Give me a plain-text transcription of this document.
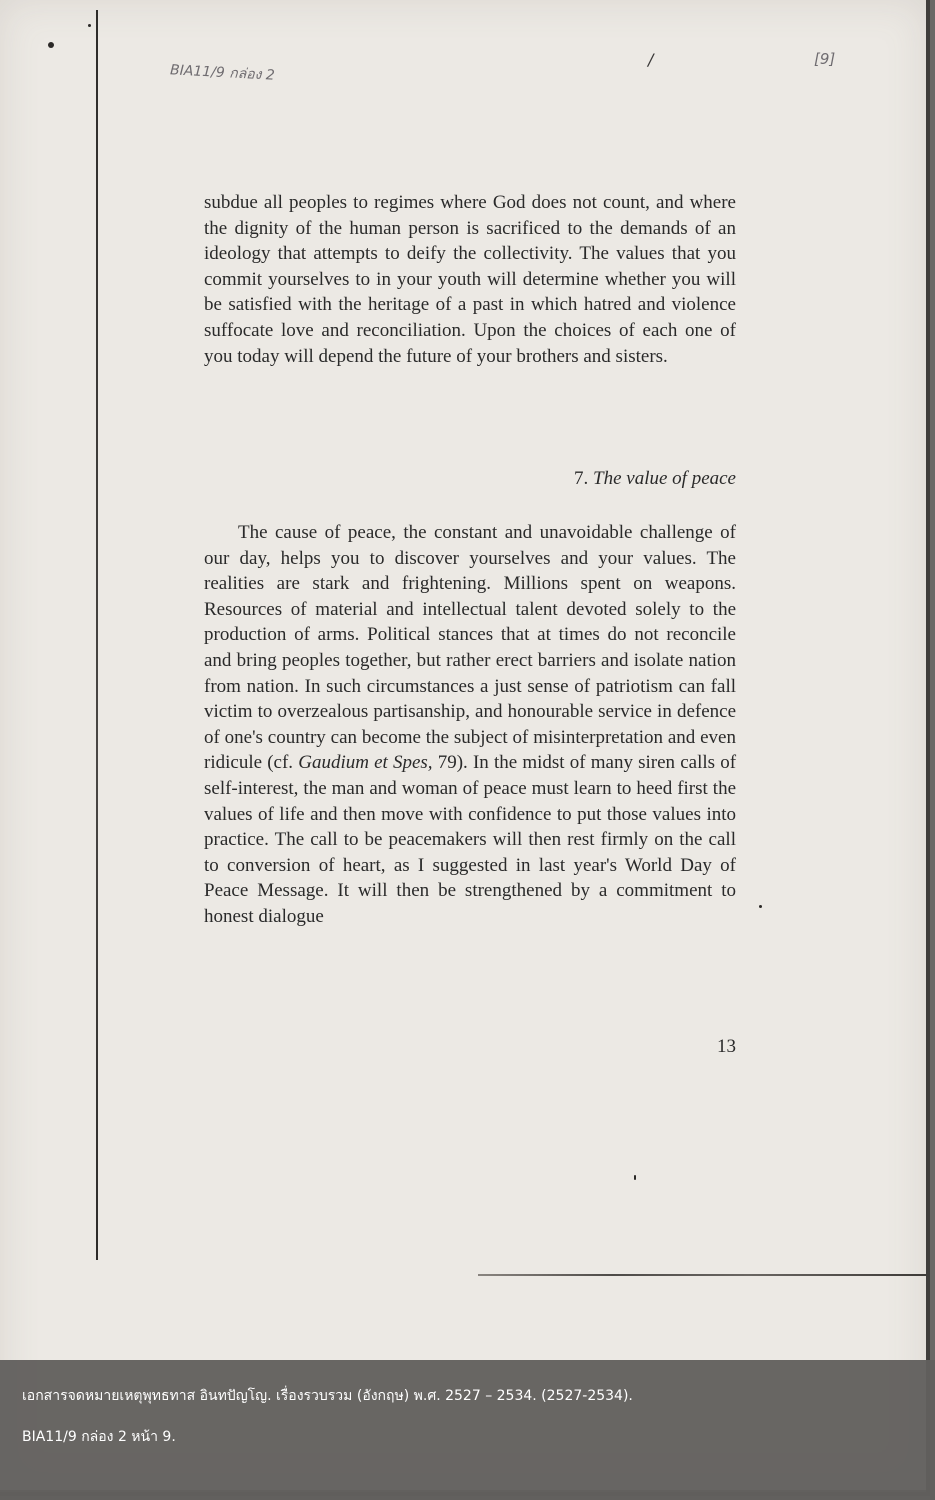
BIA11/9 กล่อง 2
/	[9]

subdue all peoples to regimes where God does not count, and where the dignity of the human person is sacrificed to the demands of an ideology that attempts to deify the collectivity. The values that you commit yourselves to in your youth will determine whether you will be satisfied with the heritage of a past in which hatred and violence suffocate love and reconciliation. Upon the choices of each one of you today will depend the future of your brothers and sisters.

7. The value of peace

The cause of peace, the constant and unavoidable challenge of our day, helps you to discover yourselves and your values. The realities are stark and frightening. Millions spent on weapons. Resources of material and intellectual talent devoted solely to the production of arms. Political stances that at times do not reconcile and bring peoples together, but rather erect barriers and isolate nation from nation. In such circumstances a just sense of patriotism can fall victim to overzealous partisanship, and honourable service in defence of one's country can become the subject of misinterpretation and even ridicule (cf. Gaudium et Spes, 79). In the midst of many siren calls of self-interest, the man and woman of peace must learn to heed first the values of life and then move with confidence to put those values into practice. The call to be peacemakers will then rest firmly on the call to conversion of heart, as I suggested in last year's World Day of Peace Message. It will then be strengthened by a commitment to honest dialogue

13
เอกสารจดหมายเหตุพุทธทาส อินทปัญโญ. เรื่องรวบรวม (อังกฤษ) พ.ศ. 2527 – 2534. (2527-2534).
BIA11/9 กล่อง 2 หน้า 9.
